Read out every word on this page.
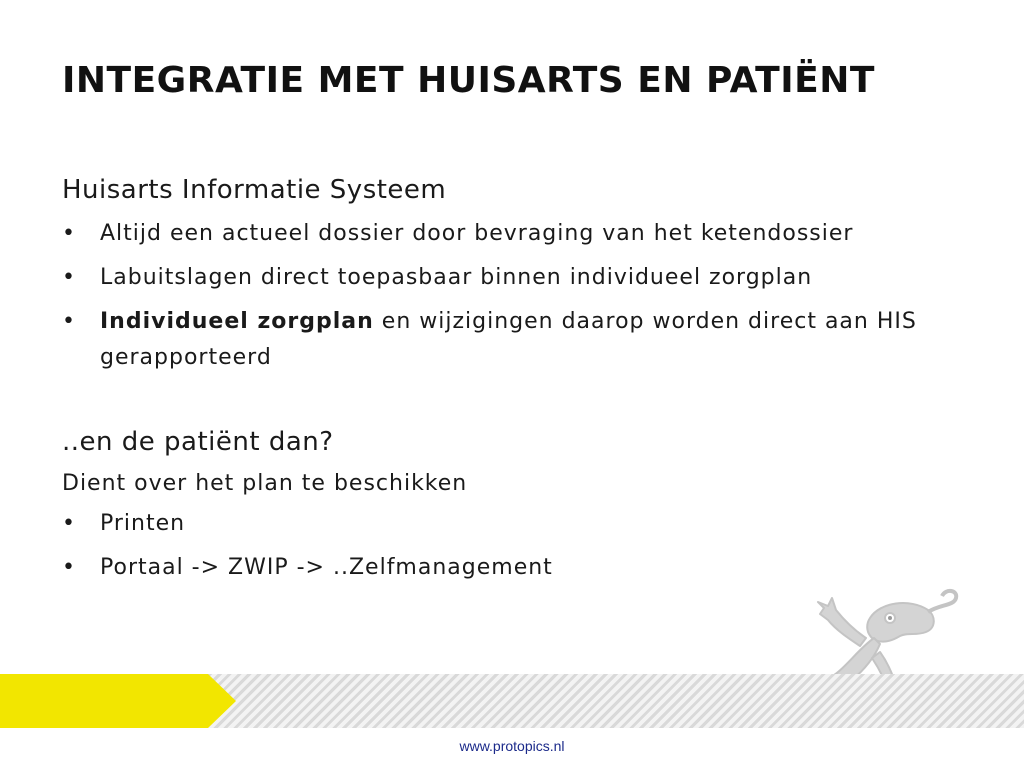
INTEGRATIE MET HUISARTS EN PATIËNT
Huisarts Informatie Systeem
• Altijd een actueel dossier door bevraging van het ketendossier
• Labuitslagen direct toepasbaar binnen individueel zorgplan
• Individueel zorgplan en wijzigingen daarop worden direct aan HIS gerapporteerd
..en de patiënt dan?
Dient over het plan te beschikken
• Printen
• Portaal -> ZWIP -> ..Zelfmanagement
www.protopics.nl
